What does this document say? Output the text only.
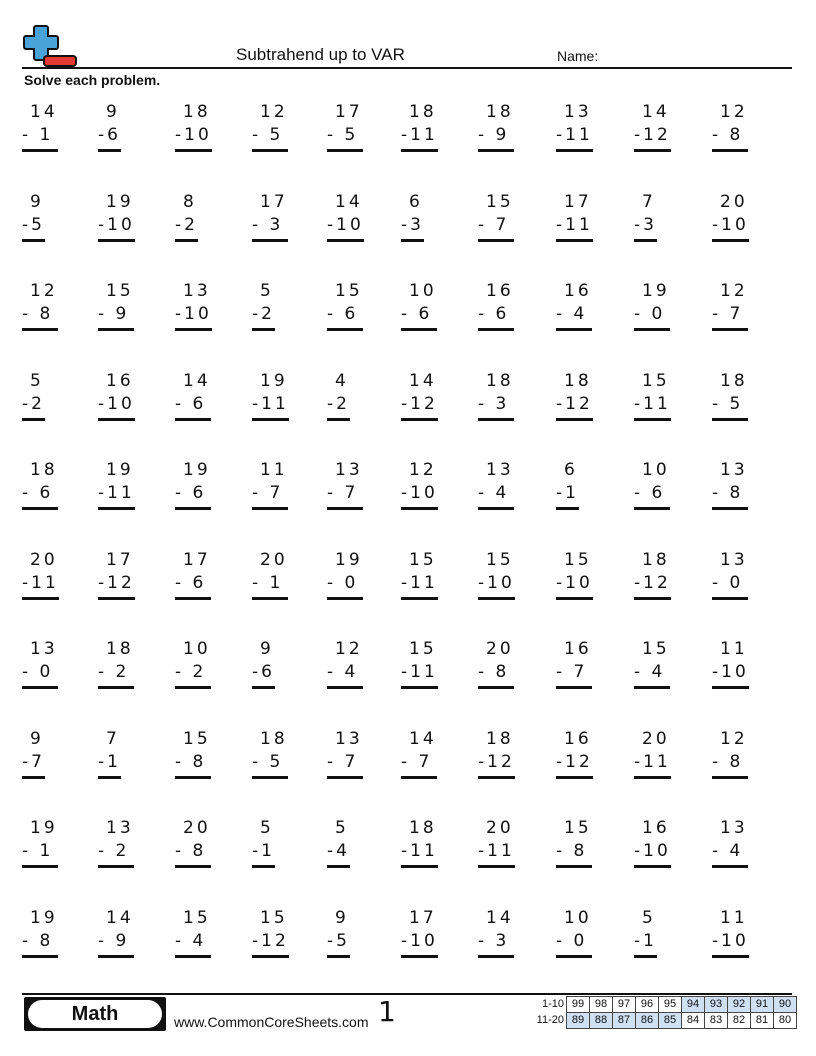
Subtrahend up to VAR	Name:
Solve each problem.
14
- 1
9
-6
18
-10
12
- 5
17
- 5
18
-11
18
- 9
13
-11
14
-12
12
- 8
9
-5
19
-10
8
-2
17
- 3
14
-10
6
-3
15
- 7
17
-11
7
-3
20
-10
12
- 8
15
- 9
13
-10
5
-2
15
- 6
10
- 6
16
- 6
16
- 4
19
- 0
12
- 7
5
-2
16
-10
14
- 6
19
-11
4
-2
14
-12
18
- 3
18
-12
15
-11
18
- 5
18
- 6
19
-11
19
- 6
11
- 7
13
- 7
12
-10
13
- 4
6
-1
10
- 6
13
- 8
20
-11
17
-12
17
- 6
20
- 1
19
- 0
15
-11
15
-10
15
-10
18
-12
13
- 0
13
- 0
18
- 2
10
- 2
9
-6
12
- 4
15
-11
20
- 8
16
- 7
15
- 4
11
-10
9
-7
7
-1
15
- 8
18
- 5
13
- 7
14
- 7
18
-12
16
-12
20
-11
12
- 8
19
- 1
13
- 2
20
- 8
5
-1
5
-4
18
-11
20
-11
15
- 8
16
-10
13
- 4
19
- 8
14
- 9
15
- 4
15
-12
9
-5
17
-10
14
- 3
10
- 0
5
-1
11
-10
Math	www.CommonCoreSheets.com 1	1-10	99	98	97	96	95	94	93	92	91	90
11-20	89	88	87	86	85	84	83	82	81	80
